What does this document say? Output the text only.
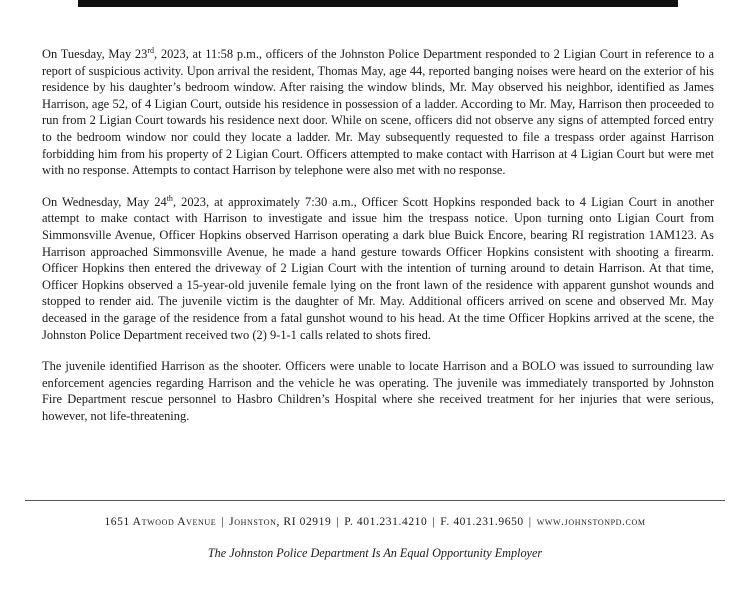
On Tuesday, May 23rd, 2023, at 11:58 p.m., officers of the Johnston Police Department responded to 2 Ligian Court in reference to a report of suspicious activity. Upon arrival the resident, Thomas May, age 44, reported banging noises were heard on the exterior of his residence by his daughter’s bedroom window. After raising the window blinds, Mr. May observed his neighbor, identified as James Harrison, age 52, of 4 Ligian Court, outside his residence in possession of a ladder. According to Mr. May, Harrison then proceeded to run from 2 Ligian Court towards his residence next door. While on scene, officers did not observe any signs of attempted forced entry to the bedroom window nor could they locate a ladder. Mr. May subsequently requested to file a trespass order against Harrison forbidding him from his property of 2 Ligian Court. Officers attempted to make contact with Harrison at 4 Ligian Court but were met with no response. Attempts to contact Harrison by telephone were also met with no response.

On Wednesday, May 24th, 2023, at approximately 7:30 a.m., Officer Scott Hopkins responded back to 4 Ligian Court in another attempt to make contact with Harrison to investigate and issue him the trespass notice. Upon turning onto Ligian Court from Simmonsville Avenue, Officer Hopkins observed Harrison operating a dark blue Buick Encore, bearing RI registration 1AM123. As Harrison approached Simmonsville Avenue, he made a hand gesture towards Officer Hopkins consistent with shooting a firearm. Officer Hopkins then entered the driveway of 2 Ligian Court with the intention of turning around to detain Harrison. At that time, Officer Hopkins observed a 15-year-old juvenile female lying on the front lawn of the residence with apparent gunshot wounds and stopped to render aid. The juvenile victim is the daughter of Mr. May. Additional officers arrived on scene and observed Mr. May deceased in the garage of the residence from a fatal gunshot wound to his head. At the time Officer Hopkins arrived at the scene, the Johnston Police Department received two (2) 9-1-1 calls related to shots fired.

The juvenile identified Harrison as the shooter. Officers were unable to locate Harrison and a BOLO was issued to surrounding law enforcement agencies regarding Harrison and the vehicle he was operating. The juvenile was immediately transported by Johnston Fire Department rescue personnel to Hasbro Children’s Hospital where she received treatment for her injuries that were serious, however, not life-threatening.

1651 Atwood Avenue | Johnston, RI 02919 | P. 401.231.4210 | F. 401.231.9650 | www.johnstonpd.com
The Johnston Police Department Is An Equal Opportunity Employer
